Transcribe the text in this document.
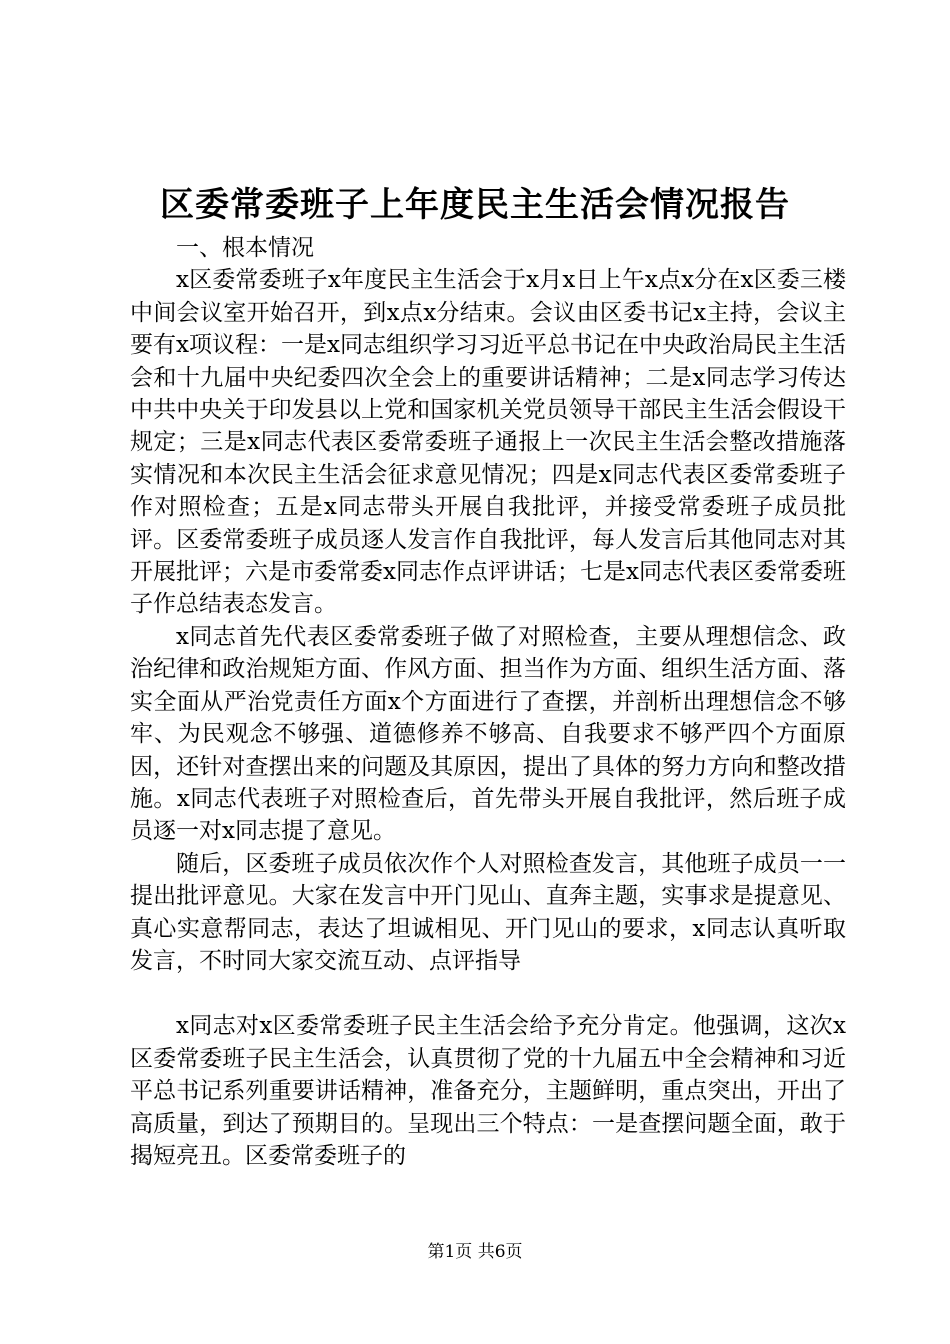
区委常委班子上年度民主生活会情况报告

一、根本情况

x区委常委班子x年度民主生活会于x月x日上午x点x分在x区委三楼中间会议室开始召开，到x点x分结束。会议由区委书记x主持，会议主要有x项议程：一是x同志组织学习习近平总书记在中央政治局民主生活会和十九届中央纪委四次全会上的重要讲话精神；二是x同志学习传达中共中央关于印发县以上党和国家机关党员领导干部民主生活会假设干规定；三是x同志代表区委常委班子通报上一次民主生活会整改措施落实情况和本次民主生活会征求意见情况；四是x同志代表区委常委班子作对照检查；五是x同志带头开展自我批评，并接受常委班子成员批评。区委常委班子成员逐人发言作自我批评，每人发言后其他同志对其开展批评；六是市委常委x同志作点评讲话；七是x同志代表区委常委班子作总结表态发言。

x同志首先代表区委常委班子做了对照检查，主要从理想信念、政治纪律和政治规矩方面、作风方面、担当作为方面、组织生活方面、落实全面从严治党责任方面x个方面进行了查摆，并剖析出理想信念不够牢、为民观念不够强、道德修养不够高、自我要求不够严四个方面原因，还针对查摆出来的问题及其原因，提出了具体的努力方向和整改措施。x同志代表班子对照检查后，首先带头开展自我批评，然后班子成员逐一对x同志提了意见。

随后，区委班子成员依次作个人对照检查发言，其他班子成员一一提出批评意见。大家在发言中开门见山、直奔主题，实事求是提意见、真心实意帮同志，表达了坦诚相见、开门见山的要求，x同志认真听取发言，不时同大家交流互动、点评指导

x同志对x区委常委班子民主生活会给予充分肯定。他强调，这次x区委常委班子民主生活会，认真贯彻了党的十九届五中全会精神和习近平总书记系列重要讲话精神，准备充分，主题鲜明，重点突出，开出了高质量，到达了预期目的。呈现出三个特点：一是查摆问题全面，敢于揭短亮丑。区委常委班子的

第1页 共6页
